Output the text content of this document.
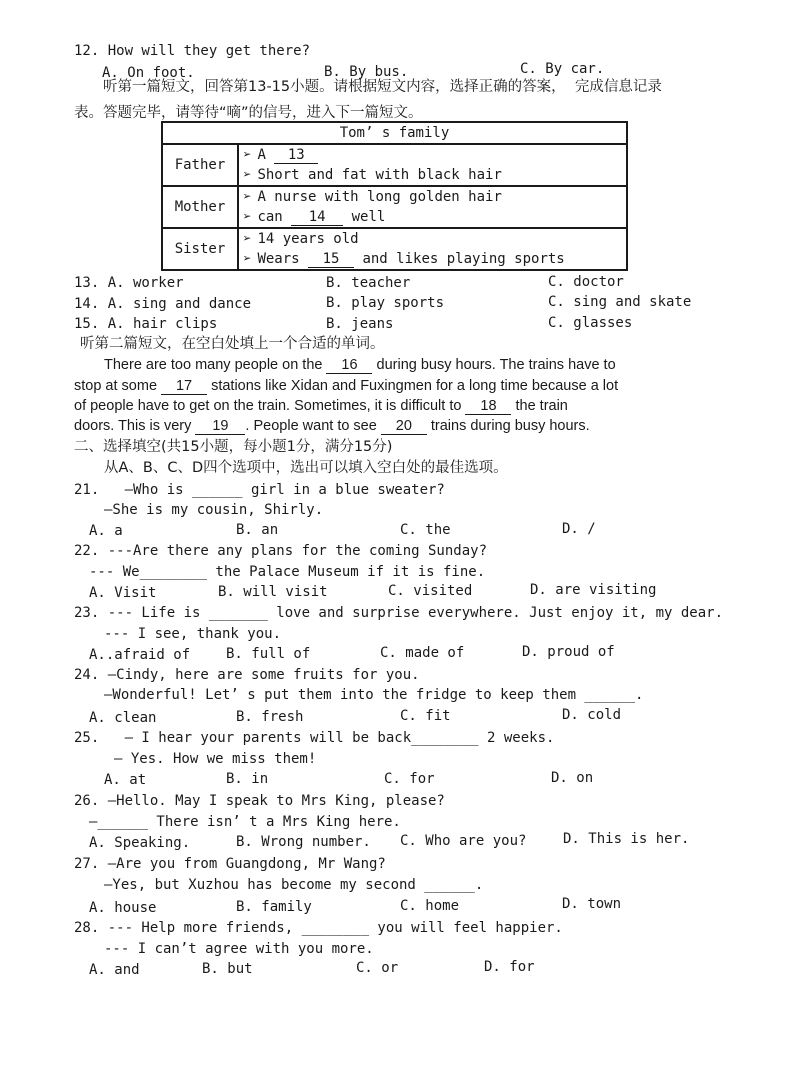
12. How will they get there?
A. On foot.	B. By bus.	C. By car.
听第一篇短文，回答第13-15小题。请根据短文内容，选择正确的答案，  完成信息记录
表。答题完毕，请等待“嘀”的信号，进入下一篇短文。
Tom’ s family	
Father	➢ A 13
➢ Short and fat with black hair

Mother	➢ A nurse with long golden hair
➢ can 14 well

Sister	➢ 14 years old
➢ Wears 15 and likes playing sports
13. A. worker	B. teacher	C. doctor
14. A. sing and dance	B. play sports	C. sing and skate
15. A. hair clips	B. jeans	C. glasses
听第二篇短文，在空白处填上一个合适的单词。
There are too many people on the 16 during busy hours. The trains have to
stop at some 17 stations like Xidan and Fuxingmen for a long time because a lot
of people have to get on the train. Sometimes, it is difficult to 18 the train
doors. This is very 19 . People want to see 20 trains during busy hours.
二、选择填空(共15小题，每小题1分，满分15分)
从A、B、C、D四个选项中，选出可以填入空白处的最佳选项。
21.   —Who is ______ girl in a blue sweater?
—She is my cousin, Shirly.
A. a	B. an	C. the	D. /
22. ---Are there any plans for the coming Sunday?
--- We________ the Palace Museum if it is fine.
A. Visit	B. will visit	C. visited	D. are visiting
23. --- Life is _______ love and surprise everywhere. Just enjoy it, my dear.
--- I see, thank you.
A..afraid of	B. full of	C. made of	D. proud of
24. —Cindy, here are some fruits for you.
—Wonderful! Let’ s put them into the fridge to keep them ______.
A. clean	B. fresh	C. fit	D. cold
25.   — I hear your parents will be back________ 2 weeks.
— Yes. How we miss them!
A. at	B. in	C. for	D. on
26. —Hello. May I speak to Mrs King, please?
—______ There isn’ t a Mrs King here.
A. Speaking.	B. Wrong number. C. Who are you?	D. This is her.
27. —Are you from Guangdong, Mr Wang?
—Yes, but Xuzhou has become my second ______.
A. house	B. family	C. home	D. town
28. --- Help more friends, ________ you will feel happier.
--- I can’t agree with you more.
A. and	B. but	C. or	D. for
